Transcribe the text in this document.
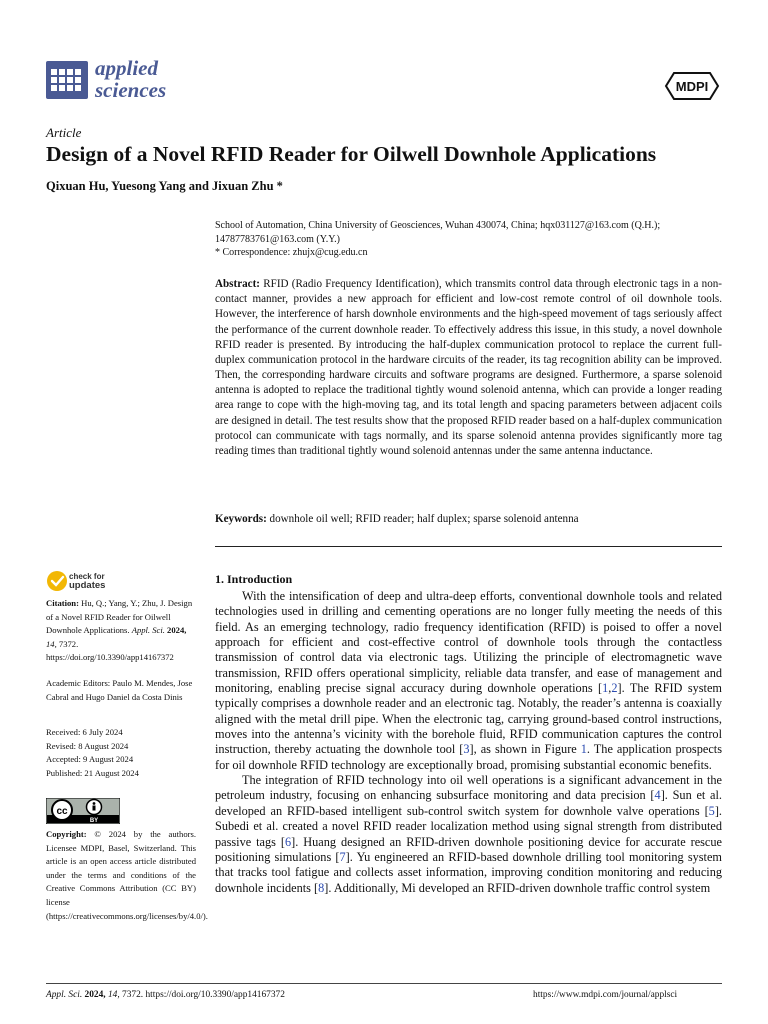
applied
sciences	MDPI
Article
Design of a Novel RFID Reader for Oilwell Downhole Applications
Qixuan Hu, Yuesong Yang and Jixuan Zhu *

School of Automation, China University of Geosciences, Wuhan 430074, China; hqx031127@163.com (Q.H.);

14787783761@163.com (Y.Y.)

* Correspondence: zhujx@cug.edu.cn

Abstract: RFID (Radio Frequency Identification), which transmits control data through electronic tags in a non-contact manner, provides a new approach for efficient and low-cost remote control of oil downhole tools. However, the interference of harsh downhole environments and the high-speed movement of tags seriously affect the performance of the current downhole reader. To effectively address this issue, in this study, a novel downhole RFID reader is presented. By introducing the half-duplex communication protocol to replace the current full-duplex communication protocol in the hardware circuits of the reader, its tag recognition ability can be improved. Then, the corresponding hardware circuits and software programs are designed. Furthermore, a sparse solenoid antenna is adopted to replace the traditional tightly wound solenoid antenna, which can provide a longer reading area range to cope with the high-moving tag, and its total length and spacing parameters between adjacent coils are designed in detail. The test results show that the proposed RFID reader based on a half-duplex communication protocol can communicate with tags normally, and its sparse solenoid antenna provides significantly more tag reading times than traditional tightly wound solenoid antennas under the same antenna inductance.
Keywords: downhole oil well; RFID reader; half duplex; sparse solenoid antenna
check for
updates
Citation: Hu, Q.; Yang, Y.; Zhu, J. Design of a Novel RFID Reader for Oilwell Downhole Applications. Appl. Sci. 2024, 14, 7372. https://doi.org/10.3390/app14167372
Academic Editors: Paulo M. Mendes, Jose Cabral and Hugo Daniel da Costa Dinis

Received: 6 July 2024

Revised: 8 August 2024

Accepted: 9 August 2024

Published: 21 August 2024

cc
BY
Copyright: © 2024 by the authors. Licensee MDPI, Basel, Switzerland. This article is an open access article distributed under the terms and conditions of the Creative Commons Attribution (CC BY) license (https://creativecommons.org/licenses/by/4.0/).
1. Introduction

With the intensification of deep and ultra-deep efforts, conventional downhole tools and related technologies used in drilling and cementing operations are no longer fully meeting the needs of this field. As an emerging technology, radio frequency identification (RFID) is poised to offer a novel approach for efficient and cost-effective control of downhole tools through the contactless transmission of control data via electronic tags. Utilizing the principle of electromagnetic wave transmission, RFID offers operational simplicity, reliable data transfer, and ease of management and monitoring, enabling precise signal accuracy during downhole operations [1,2]. The RFID system typically comprises a downhole reader and an electronic tag. Notably, the reader’s antenna is coaxially aligned with the metal drill pipe. When the electronic tag, carrying ground-based control instructions, moves into the antenna’s vicinity with the borehole fluid, RFID communication captures the control instruction, thereby actuating the downhole tool [3], as shown in Figure 1. The application prospects for oil downhole RFID technology are exceptionally broad, promising substantial economic benefits.

The integration of RFID technology into oil well operations is a significant advancement in the petroleum industry, focusing on enhancing subsurface monitoring and data precision [4]. Sun et al. developed an RFID-based intelligent sub-control switch system for downhole valve operations [5]. Subedi et al. created a novel RFID reader localization method using signal strength from distributed passive tags [6]. Huang designed an RFID-driven downhole positioning device for accurate rescue positioning simulations [7]. Yu engineered an RFID-based downhole drilling tool monitoring system that tracks tool fatigue and collects asset information, improving condition monitoring and reducing downhole incidents [8]. Additionally, Mi developed an RFID-driven downhole traffic control system

Appl. Sci. 2024, 14, 7372. https://doi.org/10.3390/app14167372	https://www.mdpi.com/journal/applsci
